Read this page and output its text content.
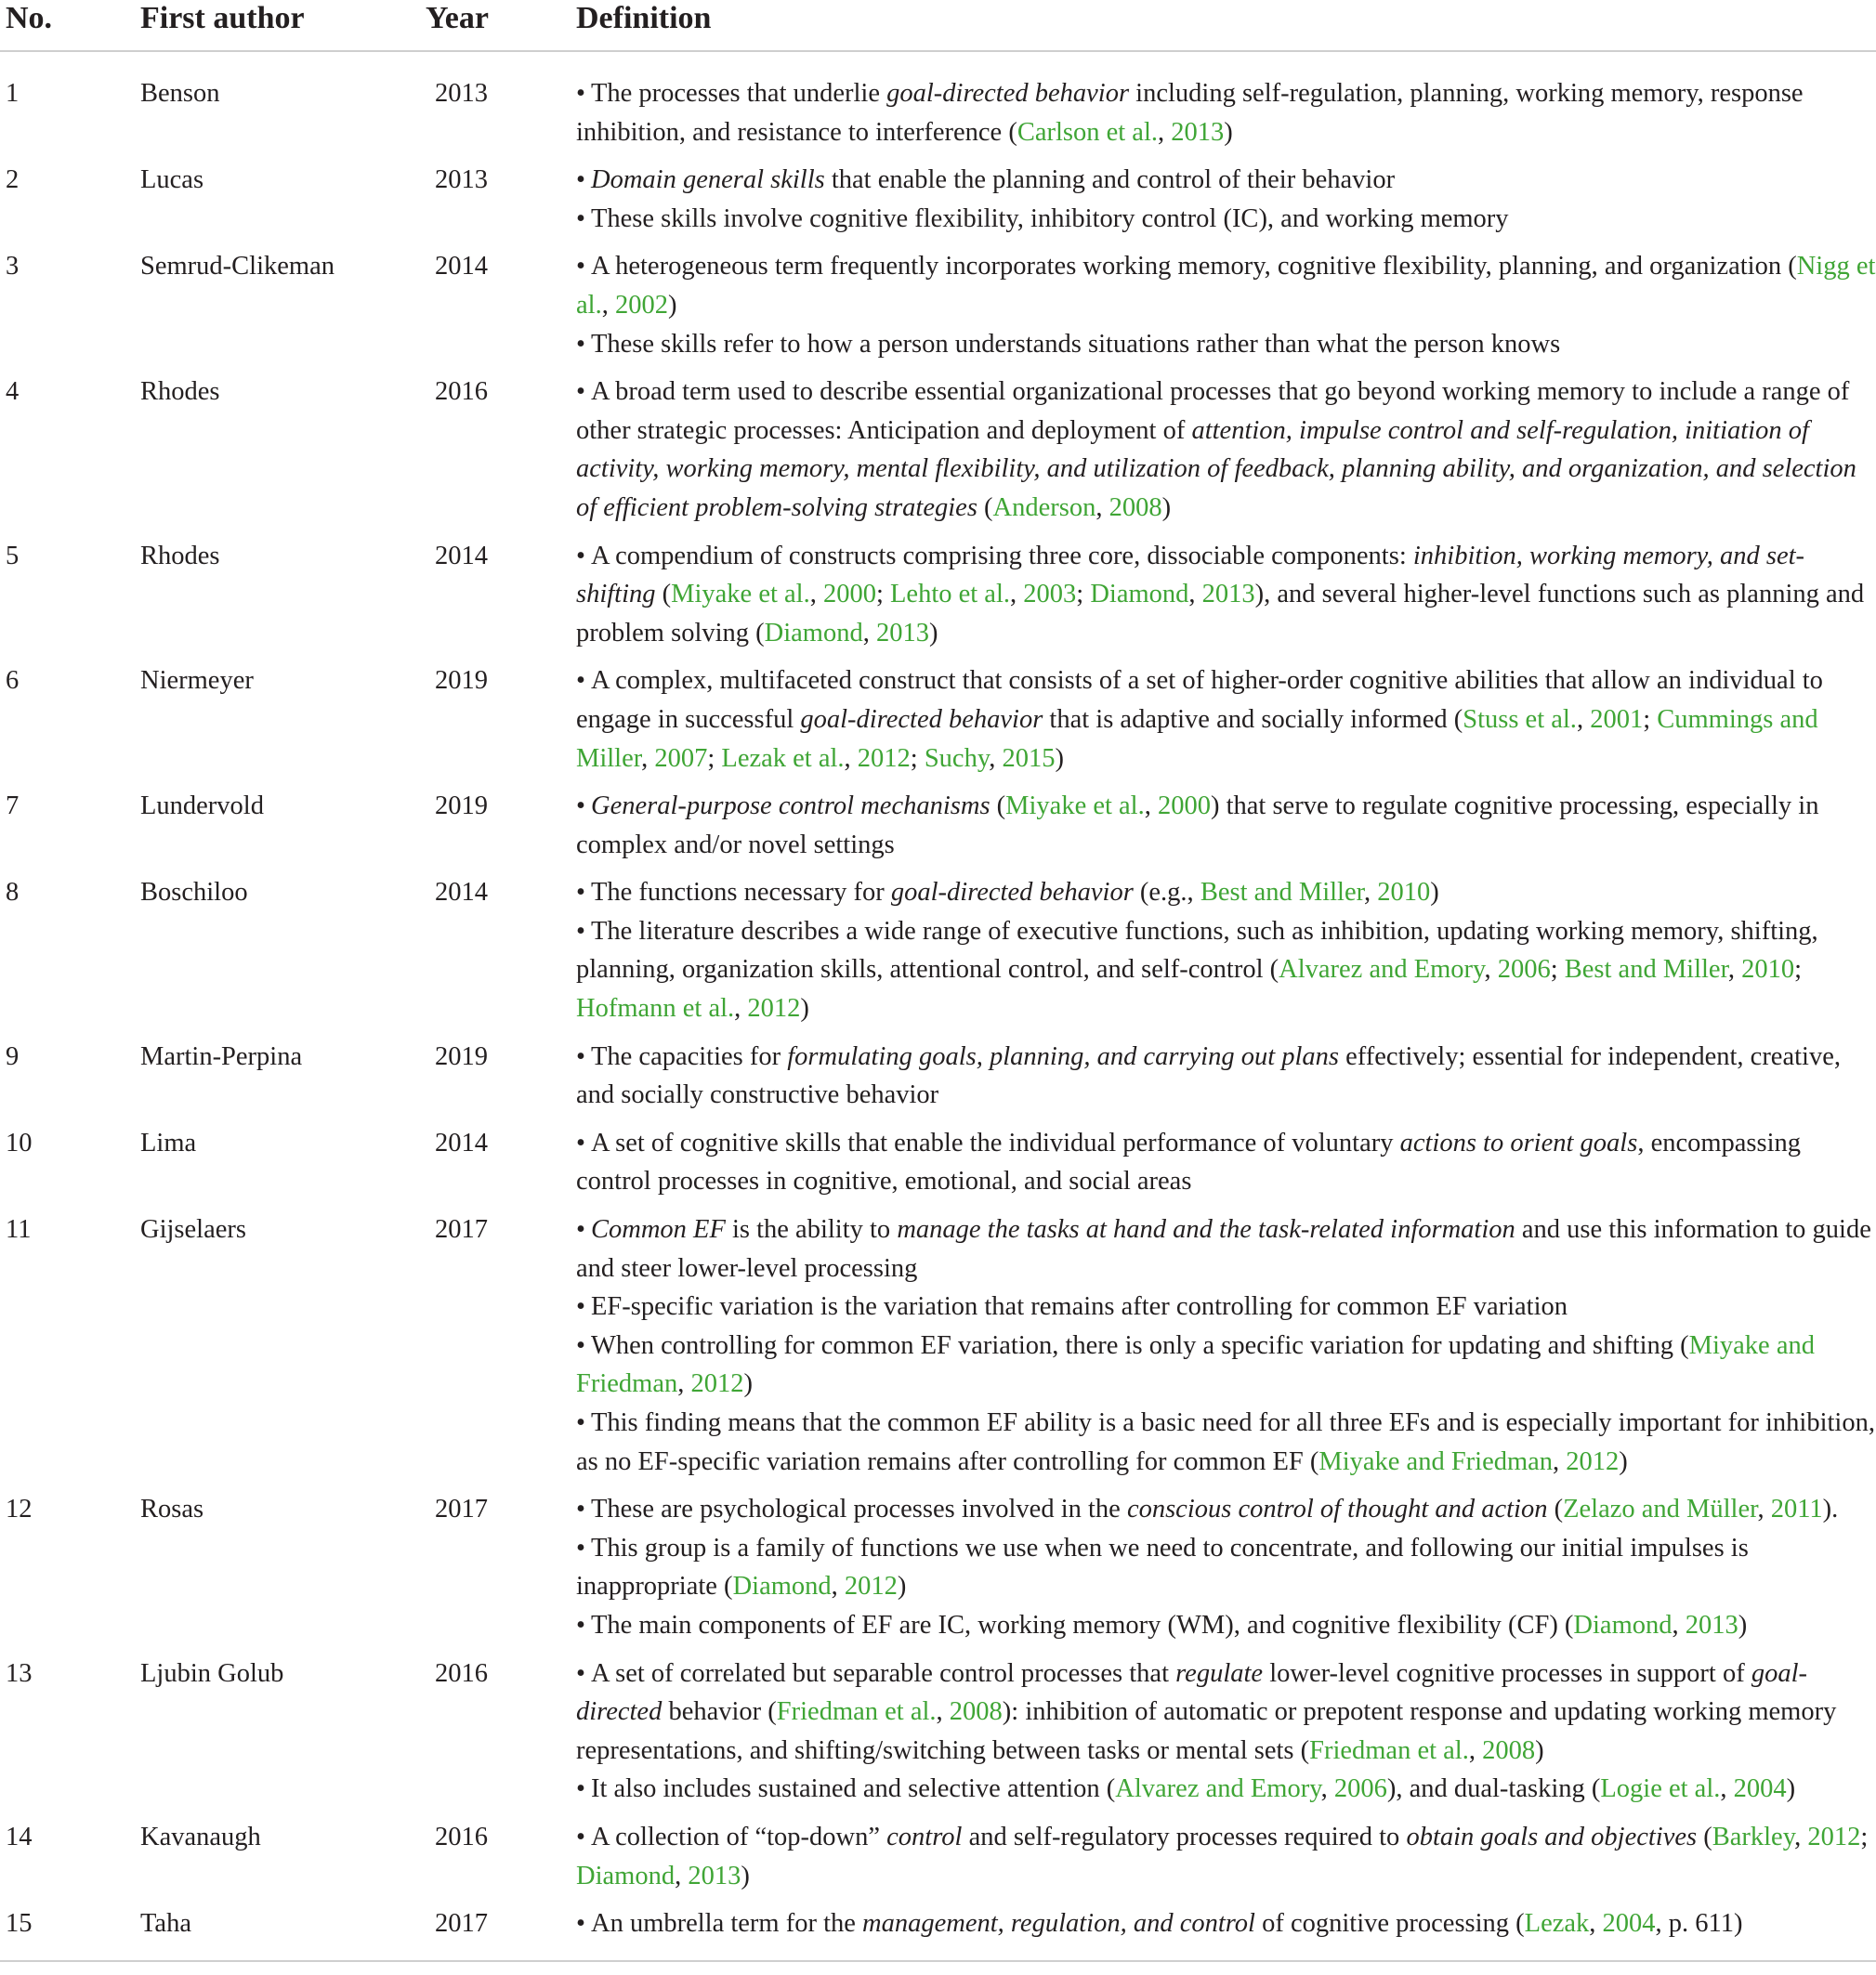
No.	First author	Year	Definition
1	Benson	2013	• The processes that underlie goal-directed behavior including self-regulation, planning, working memory, response inhibition, and resistance to interference (Carlson et al., 2013)

2	Lucas	2013	• Domain general skills that enable the planning and control of their behavior
• These skills involve cognitive flexibility, inhibitory control (IC), and working memory

3	Semrud-Clikeman	2014	• A heterogeneous term frequently incorporates working memory, cognitive flexibility, planning, and organization (Nigg et al., 2002)
• These skills refer to how a person understands situations rather than what the person knows

4	Rhodes	2016	• A broad term used to describe essential organizational processes that go beyond working memory to include a range of other strategic processes: Anticipation and deployment of attention, impulse control and self-regulation, initiation of activity, working memory, mental flexibility, and utilization of feedback, planning ability, and organization, and selection of efficient problem-solving strategies (Anderson, 2008)

5	Rhodes	2014	• A compendium of constructs comprising three core, dissociable components: inhibition, working memory, and set-shifting (Miyake et al., 2000; Lehto et al., 2003; Diamond, 2013), and several higher-level functions such as planning and problem solving (Diamond, 2013)

6	Niermeyer	2019	• A complex, multifaceted construct that consists of a set of higher-order cognitive abilities that allow an individual to engage in successful goal-directed behavior that is adaptive and socially informed (Stuss et al., 2001; Cummings and Miller, 2007; Lezak et al., 2012; Suchy, 2015)

7	Lundervold	2019	• General-purpose control mechanisms (Miyake et al., 2000) that serve to regulate cognitive processing, especially in complex and/or novel settings

8	Boschiloo	2014	• The functions necessary for goal-directed behavior (e.g., Best and Miller, 2010)
• The literature describes a wide range of executive functions, such as inhibition, updating working memory, shifting, planning, organization skills, attentional control, and self-control (Alvarez and Emory, 2006; Best and Miller, 2010; Hofmann et al., 2012)

9	Martin-Perpina	2019	• The capacities for formulating goals, planning, and carrying out plans effectively; essential for independent, creative, and socially constructive behavior

10	Lima	2014	• A set of cognitive skills that enable the individual performance of voluntary actions to orient goals, encompassing control processes in cognitive, emotional, and social areas

11	Gijselaers	2017	• Common EF is the ability to manage the tasks at hand and the task-related information and use this information to guide and steer lower-level processing
• EF-specific variation is the variation that remains after controlling for common EF variation
• When controlling for common EF variation, there is only a specific variation for updating and shifting (Miyake and Friedman, 2012)
• This finding means that the common EF ability is a basic need for all three EFs and is especially important for inhibition, as no EF-specific variation remains after controlling for common EF (Miyake and Friedman, 2012)

12	Rosas	2017	• These are psychological processes involved in the conscious control of thought and action (Zelazo and Müller, 2011).
• This group is a family of functions we use when we need to concentrate, and following our initial impulses is inappropriate (Diamond, 2012)
• The main components of EF are IC, working memory (WM), and cognitive flexibility (CF) (Diamond, 2013)

13	Ljubin Golub	2016	• A set of correlated but separable control processes that regulate lower-level cognitive processes in support of goal-directed behavior (Friedman et al., 2008): inhibition of automatic or prepotent response and updating working memory representations, and shifting/switching between tasks or mental sets (Friedman et al., 2008)
• It also includes sustained and selective attention (Alvarez and Emory, 2006), and dual-tasking (Logie et al., 2004)

14	Kavanaugh	2016	• A collection of “top-down” control and self-regulatory processes required to obtain goals and objectives (Barkley, 2012; Diamond, 2013)

15	Taha	2017	• An umbrella term for the management, regulation, and control of cognitive processing (Lezak, 2004, p. 611)
